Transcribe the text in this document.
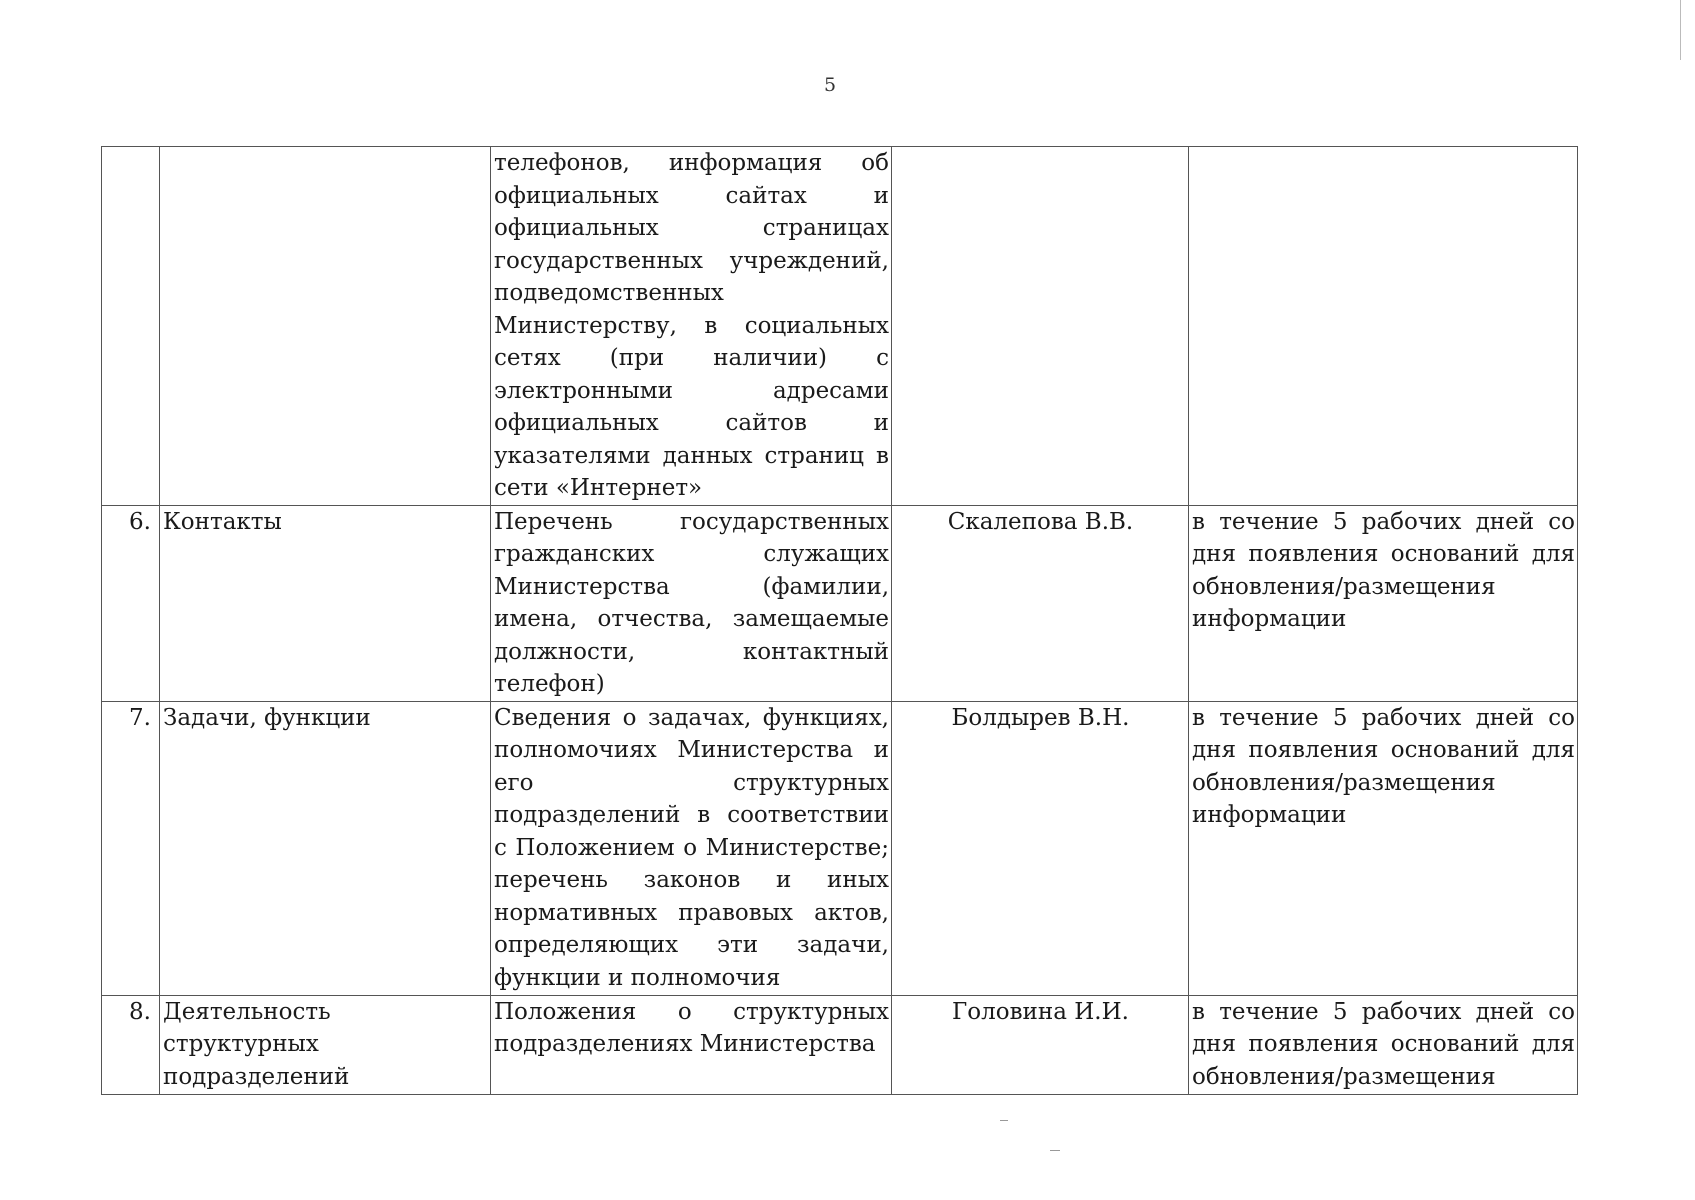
5
		телефонов, информация об официальных сайтах и официальных страницах государственных учреждений, подведомственных Министерству, в социальных сетях (при наличии) с электронными адресами официальных сайтов и указателями данных страниц в сети «Интернет»		
6.	Контакты	Перечень государственных гражданских служащих Министерства (фамилии, имена, отчества, замещаемые должности, контактный телефон)	Скалепова В.В.	в течение 5 рабочих дней со дня появления оснований для обновления/размещения информации
7.	Задачи, функции	Сведения о задачах, функциях, полномочиях Министерства и его структурных подразделений в соответствии с Положением о Министерстве; перечень законов и иных нормативных правовых актов, определяющих эти задачи, функции и полномочия	Болдырев В.Н.	в течение 5 рабочих дней со дня появления оснований для обновления/размещения информации
8.	Деятельность структурных подразделений	Положения о структурных подразделениях Министерства	Головина И.И.	в течение 5 рабочих дней со дня появления оснований для обновления/размещения
